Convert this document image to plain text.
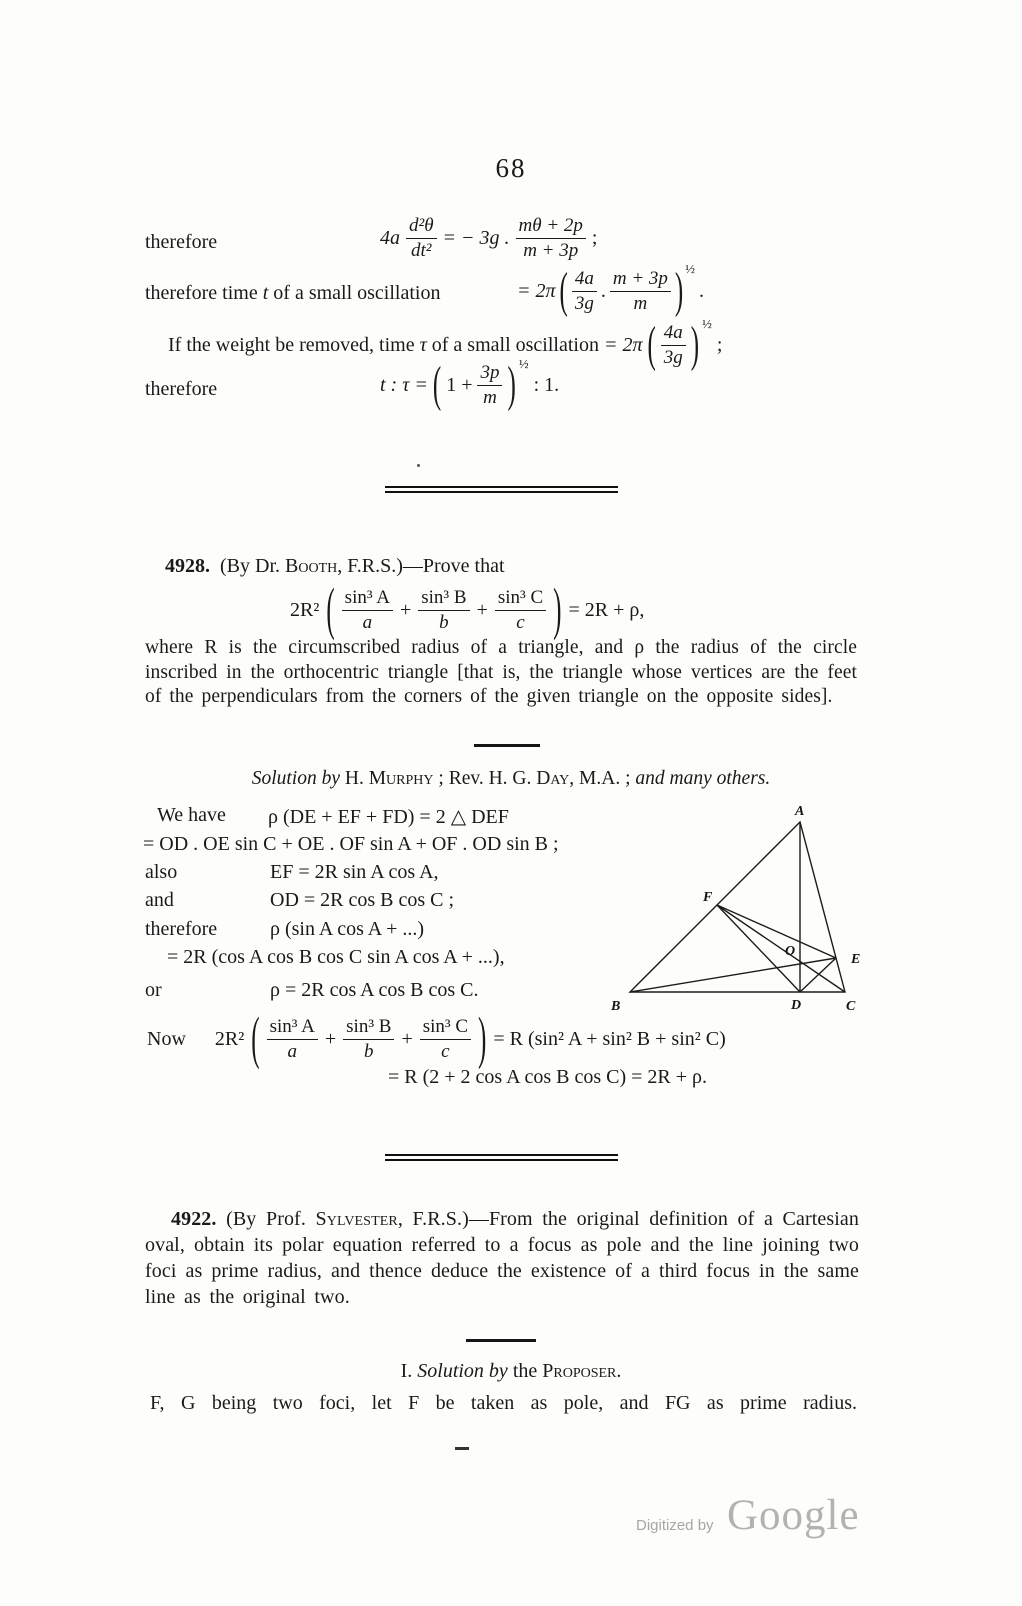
68
therefore	$4a \frac{\text{d²θ}}{\text{dt²}}$ = − 3g .
mθ + 2p
m + 3p
;
therefore time t of a small oscillation	= 2π ( 4a
3g
.
m + 3p
m	) ½
.
If the weight be removed, time τ of a small oscillation = 2π ( 4a
3g ) ½
;
therefore	t : τ = ( $1 + \frac{3p}{m}$ ) ½
: 1.
4928. (By Dr. Booth, F.R.S.)—Prove that
2R² ( sin³ A
a
+ $\frac{\text{sin³ B}}{b} + \frac{\text{sin³ C}}{c}$ ) = 2R + ρ,
where R is the circumscribed radius of a triangle, and ρ the radius of the circle inscribed in the orthocentric triangle [that is, the triangle whose vertices are the feet of the perpendiculars from the corners of the given triangle on the opposite sides].
Solution by H. Murphy ; Rev. H. G. Day, M.A. ; and many others.
We have ρ (DE + EF + FD) = 2 △ DEF
= OD . OE sin C + OE . OF sin A + OF . OD sin B ;
also	EF = 2R sin A cos A,
and	OD = 2R cos B cos C ;
therefore	ρ (sin A cos A + ...)
= 2R (cos A cos B cos C sin A cos A + ...),
or	ρ = 2R cos A cos B cos C.
A
B	C
D
E
F
O
Now 2R² ( sin³ A
a
+ $\frac{\text{sin³ B}}{b} + \frac{\text{sin³ C}}{c}$ ) = R (sin² A + sin² B + sin² C)
= R (2 + 2 cos A cos B cos C) = 2R + ρ.
4922. (By Prof. Sylvester, F.R.S.)—From the original definition of a Cartesian oval, obtain its polar equation referred to a focus as pole and the line joining two foci as prime radius, and thence deduce the existence of a third focus in the same line as the original two.
I. Solution by the Proposer.
F, G being two foci, let F be taken as pole, and FG as prime radius.
Digitized by Google
